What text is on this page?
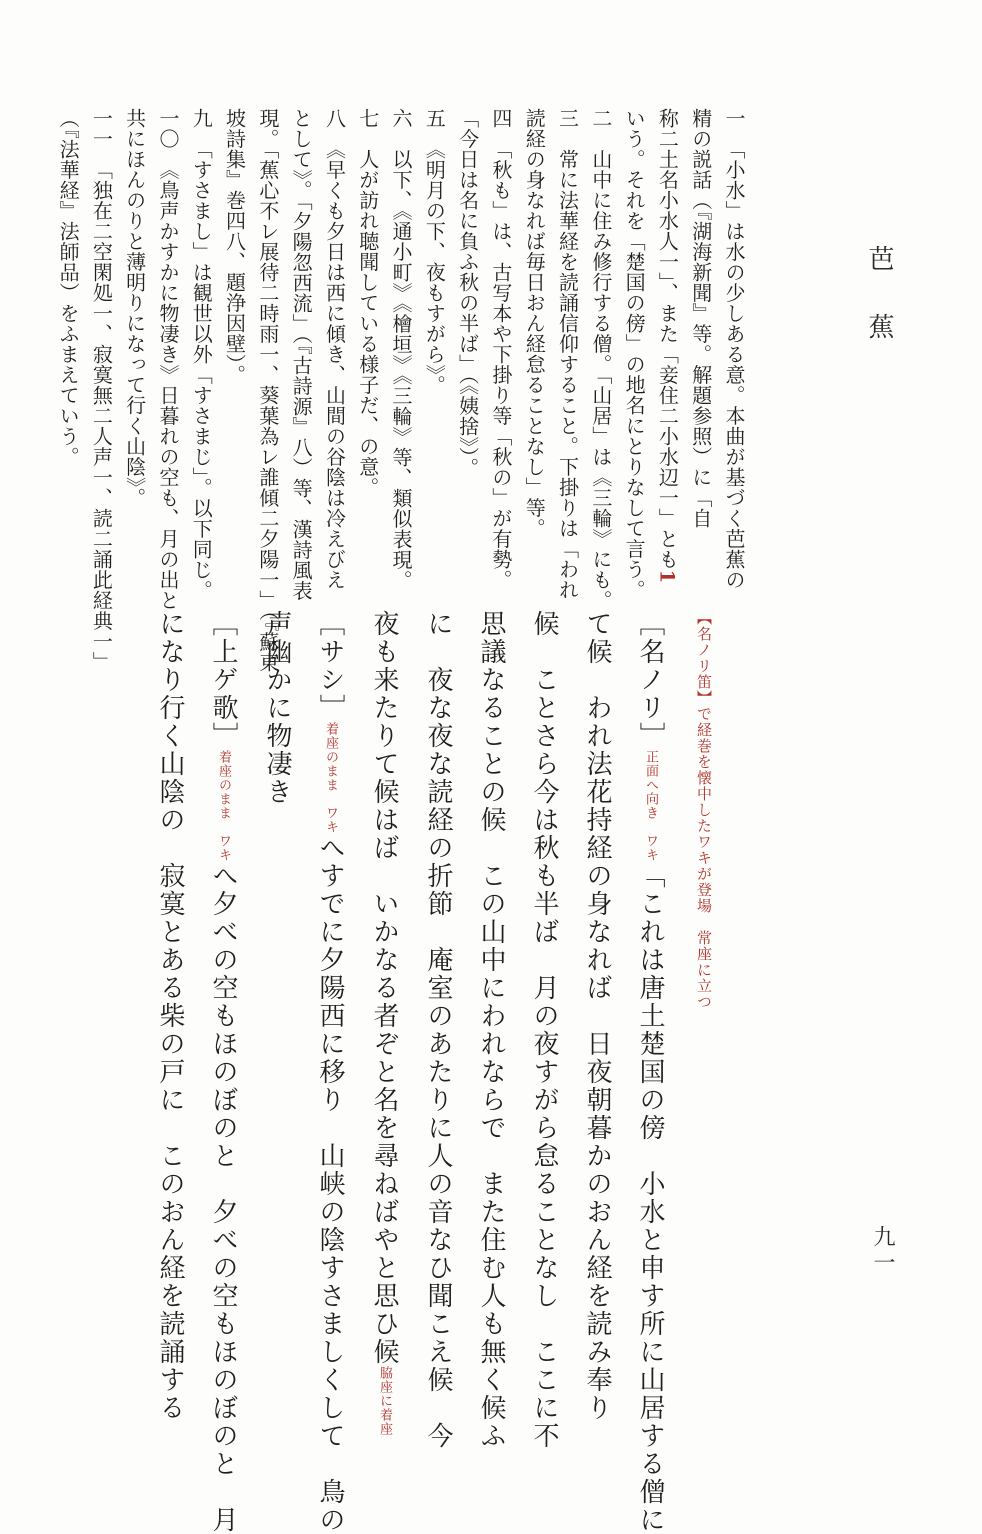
芭蕉
九一
一　「小水」は水の少しある意。本曲が基づく芭蕉の
精の説話（『湖海新聞』等。解題参照）に「自
称二土名小水人一」、また「妾住二小水辺一」とも1
いう。それを「楚国の傍」の地名にとりなして言う。
二　山中に住み修行する僧。「山居」は《三輪》にも。
三　常に法華経を読誦信仰すること。下掛りは「われ
読経の身なれば毎日おん経怠ることなし」等。
四　「秋も」は、古写本や下掛り等「秋の」が有勢。
「今日は名に負ふ秋の半ば」（《姨捨》）。
五　《明月の下、夜もすがら》。
六　以下、《通小町》《檜垣》《三輪》等、類似表現。
七　人が訪れ聴聞している様子だ、の意。
八　《早くも夕日は西に傾き、山間の谷陰は冷えびえ
として》。「夕陽忽西流」（『古詩源』八）等、漢詩風表
現。「蕉心不レ展待二時雨一、葵葉為レ誰傾二夕陽一」（『蘇東
坡詩集』巻四八、題浄因壁）。
九　「すさまし」は観世以外「すさまじ」。以下同じ。
一〇　《鳥声かすかに物凄き》日暮れの空も、月の出と
共にほんのりと薄明りになって行く山陰》。
一一　「独在二空閑処一、寂寞無二人声一、読二誦此経典一」
（『法華経』法師品）をふまえていう。
【名ノリ笛】で経巻を懐中したワキが登場　常座に立つ
［名ノリ］正面へ向き　ワキ「これは唐土楚国の傍　小水と申す所に山居する僧に
て候　われ法花持経の身なれば　日夜朝暮かのおん経を読み奉り
候　ことさら今は秋も半ば　月の夜すがら怠ることなし　ここに不
思議なることの候　この山中にわれならで　また住む人も無く候ふ
に　夜な夜な読経の折節　庵室のあたりに人の音なひ聞こえ候　今
夜も来たりて候はば　いかなる者ぞと名を尋ねばやと思ひ候脇座に着座
［サシ］着座のまま　ワキへすでに夕陽西に移り　山峡の陰すさましくして　鳥の
声幽かに物凄き
［上ゲ歌］着座のまま　ワキへ夕べの空もほのぼのと　夕べの空もほのぼのと　月
になり行く山陰の　寂寞とある柴の戸に　このおん経を読誦する
